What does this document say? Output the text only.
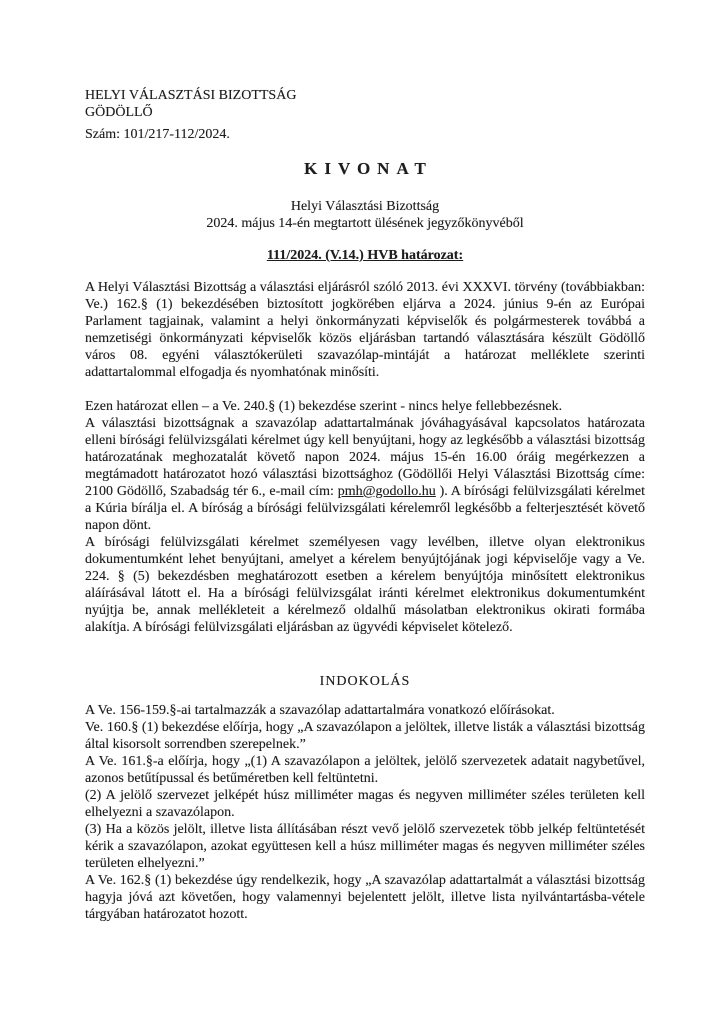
HELYI VÁLASZTÁSI BIZOTTSÁG
GÖDÖLLŐ
Szám: 101/217-112/2024.
KIVONAT
Helyi Választási Bizottság
2024. május 14-én megtartott ülésének jegyzőkönyvéből
111/2024. (V.14.) HVB határozat:

A Helyi Választási Bizottság a választási eljárásról szóló 2013. évi XXXVI. törvény (továbbiakban: Ve.) 162.§ (1) bekezdésében biztosított jogkörében eljárva a 2024. június 9-én az Európai Parlament tagjainak, valamint a helyi önkormányzati képviselők és polgármesterek továbbá a nemzetiségi önkormányzati képviselők közös eljárásban tartandó választására készült Gödöllő város 08. egyéni választókerületi szavazólap-mintáját a határozat melléklete szerinti adattartalommal elfogadja és nyomhatónak minősíti.

Ezen határozat ellen – a Ve. 240.§ (1) bekezdése szerint - nincs helye fellebbezésnek.

A választási bizottságnak a szavazólap adattartalmának jóváhagyásával kapcsolatos határozata elleni bírósági felülvizsgálati kérelmet úgy kell benyújtani, hogy az legkésőbb a választási bizottság határozatának meghozatalát követő napon 2024. május 15-én 16.00 óráig megérkezzen a megtámadott határozatot hozó választási bizottsághoz (Gödöllői Helyi Választási Bizottság címe: 2100 Gödöllő, Szabadság tér 6., e-mail cím: pmh@godollo.hu ). A bírósági felülvizsgálati kérelmet a Kúria bírálja el. A bíróság a bírósági felülvizsgálati kérelemről legkésőbb a felterjesztését követő napon dönt.

A bírósági felülvizsgálati kérelmet személyesen vagy levélben, illetve olyan elektronikus dokumentumként lehet benyújtani, amelyet a kérelem benyújtójának jogi képviselője vagy a Ve. 224. § (5) bekezdésben meghatározott esetben a kérelem benyújtója minősített elektronikus aláírásával látott el. Ha a bírósági felülvizsgálat iránti kérelmet elektronikus dokumentumként nyújtja be, annak mellékleteit a kérelmező oldalhű másolatban elektronikus okirati formába alakítja. A bírósági felülvizsgálati eljárásban az ügyvédi képviselet kötelező.

INDOKOLÁS

A Ve. 156-159.§-ai tartalmazzák a szavazólap adattartalmára vonatkozó előírásokat.

Ve. 160.§ (1) bekezdése előírja, hogy „A szavazólapon a jelöltek, illetve listák a választási bizottság által kisorsolt sorrendben szerepelnek.”

A Ve. 161.§-a előírja, hogy „(1) A szavazólapon a jelöltek, jelölő szervezetek adatait nagybetűvel, azonos betűtípussal és betűméretben kell feltüntetni.

(2) A jelölő szervezet jelképét húsz milliméter magas és negyven milliméter széles területen kell elhelyezni a szavazólapon.

(3) Ha a közös jelölt, illetve lista állításában részt vevő jelölő szervezetek több jelkép feltüntetését kérik a szavazólapon, azokat együttesen kell a húsz milliméter magas és negyven milliméter széles területen elhelyezni.”

A Ve. 162.§ (1) bekezdése úgy rendelkezik, hogy „A szavazólap adattartalmát a választási bizottság hagyja jóvá azt követően, hogy valamennyi bejelentett jelölt, illetve lista nyilvántartásba-vétele tárgyában határozatot hozott.
